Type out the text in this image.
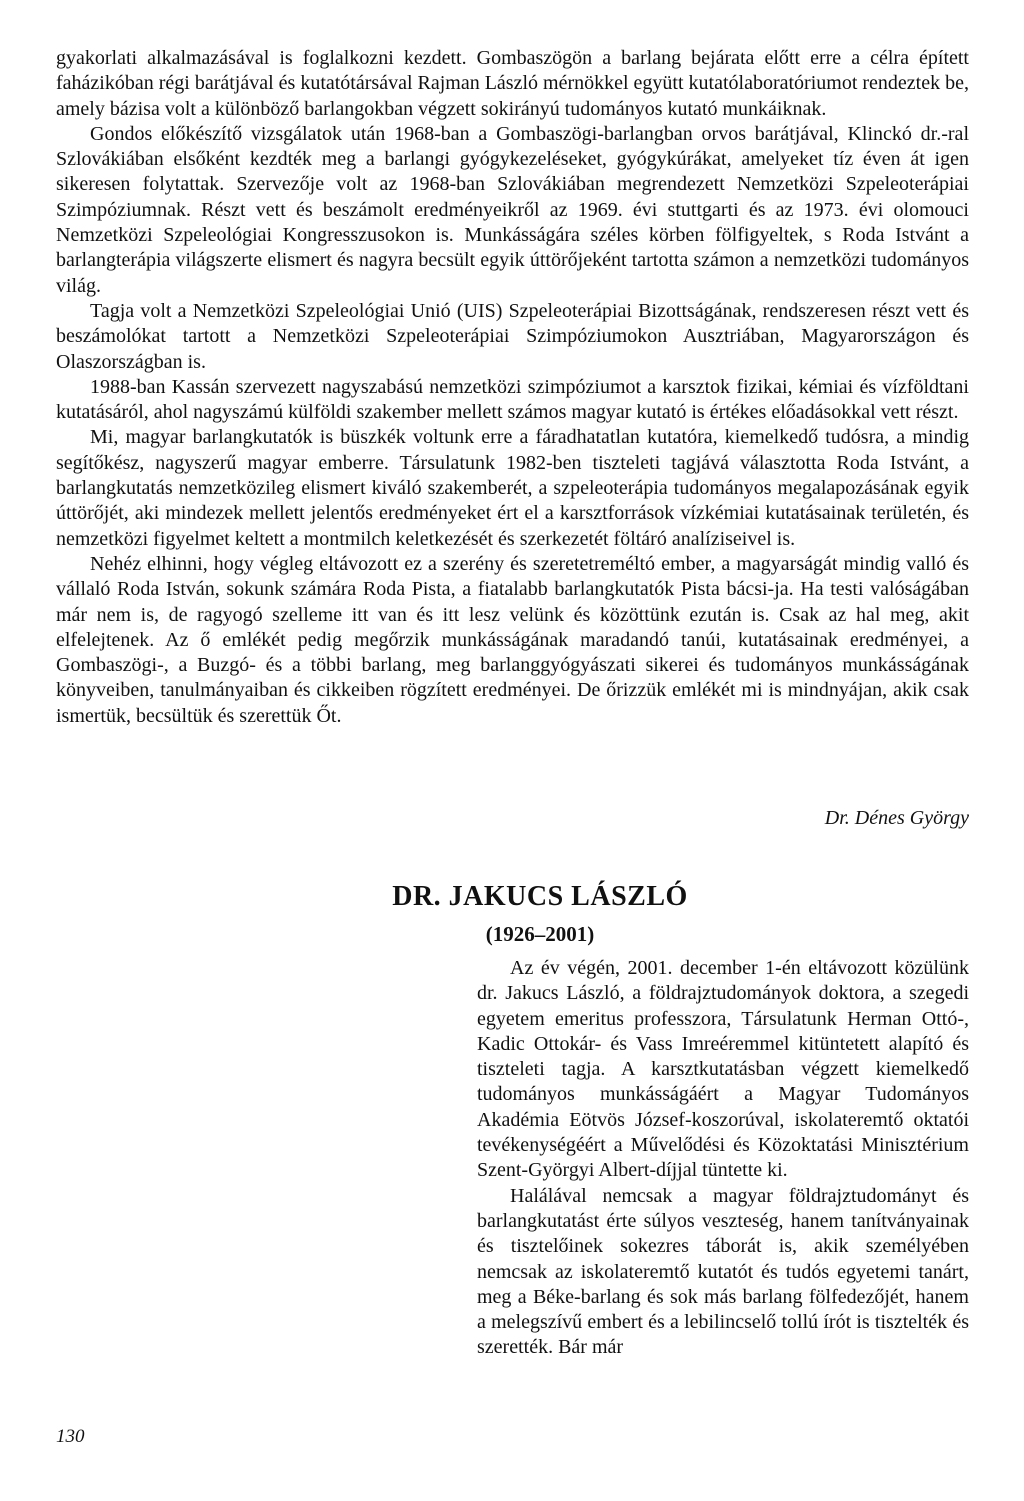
gyakorlati alkalmazásával is foglalkozni kezdett. Gombaszögön a barlang bejárata előtt erre a célra épített faházikóban régi barátjával és kutatótársával Rajman László mérnökkel együtt kutatólaboratóriumot rendeztek be, amely bázisa volt a különböző barlangokban végzett sokirányú tudományos kutató munkáiknak.

Gondos előkészítő vizsgálatok után 1968-ban a Gombaszögi-barlangban orvos barátjával, Klinckó dr.-ral Szlovákiában elsőként kezdték meg a barlangi gyógykezeléseket, gyógykúrákat, amelyeket tíz éven át igen sikeresen folytattak. Szervezője volt az 1968-ban Szlovákiában megrendezett Nemzetközi Szpeleoterápiai Szimpóziumnak. Részt vett és beszámolt eredményeikről az 1969. évi stuttgarti és az 1973. évi olomouci Nemzetközi Szpeleológiai Kongresszusokon is. Munkásságára széles körben fölfigyeltek, s Roda Istvánt a barlangterápia világszerte elismert és nagyra becsült egyik úttörőjeként tartotta számon a nemzetközi tudományos világ.

Tagja volt a Nemzetközi Szpeleológiai Unió (UIS) Szpeleoterápiai Bizottságának, rendszeresen részt vett és beszámolókat tartott a Nemzetközi Szpeleoterápiai Szimpóziumokon Ausztriában, Magyarországon és Olaszországban is.

1988-ban Kassán szervezett nagyszabású nemzetközi szimpóziumot a karsztok fizikai, kémiai és vízföldtani kutatásáról, ahol nagyszámú külföldi szakember mellett számos magyar kutató is értékes előadásokkal vett részt.

Mi, magyar barlangkutatók is büszkék voltunk erre a fáradhatatlan kutatóra, kiemelkedő tudósra, a mindig segítőkész, nagyszerű magyar emberre. Társulatunk 1982-ben tiszteleti tagjává választotta Roda Istvánt, a barlangkutatás nemzetközileg elismert kiváló szakemberét, a szpeleoterápia tudományos megalapozásának egyik úttörőjét, aki mindezek mellett jelentős eredményeket ért el a karsztforrások vízkémiai kutatásainak területén, és nemzetközi figyelmet keltett a montmilch keletkezését és szerkezetét föltáró analíziseivel is.

Nehéz elhinni, hogy végleg eltávozott ez a szerény és szeretetreméltó ember, a magyarságát mindig valló és vállaló Roda István, sokunk számára Roda Pista, a fiatalabb barlangkutatók Pista bácsi-ja. Ha testi valóságában már nem is, de ragyogó szelleme itt van és itt lesz velünk és közöttünk ezután is. Csak az hal meg, akit elfelejtenek. Az ő emlékét pedig megőrzik munkásságának maradandó tanúi, kutatásainak eredményei, a Gombaszögi-, a Buzgó- és a többi barlang, meg barlanggyógyászati sikerei és tudományos munkásságának könyveiben, tanulmányaiban és cikkeiben rögzített eredményei. De őrizzük emlékét mi is mindnyájan, akik csak ismertük, becsültük és szerettük Őt.

Dr. Dénes György
DR. JAKUCS LÁSZLÓ
(1926–2001)

Az év végén, 2001. december 1-én eltávozott közülünk dr. Jakucs László, a földrajztudományok doktora, a szegedi egyetem emeritus professzora, Társulatunk Herman Ottó-, Kadic Ottokár- és Vass Imreéremmel kitüntetett alapító és tiszteleti tagja. A karsztkutatásban végzett kiemelkedő tudományos munkásságáért a Magyar Tudományos Akadémia Eötvös József-koszorúval, iskolateremtő oktatói tevékenységéért a Művelődési és Közoktatási Minisztérium Szent-Györgyi Albert-díjjal tüntette ki.

Halálával nemcsak a magyar földrajztudományt és barlangkutatást érte súlyos veszteség, hanem tanítványainak és tisztelőinek sokezres táborát is, akik személyében nemcsak az iskolateremtő kutatót és tudós egyetemi tanárt, meg a Béke-barlang és sok más barlang fölfedezőjét, hanem a melegszívű embert és a lebilincselő tollú írót is tisztelték és szerették. Bár már

130
